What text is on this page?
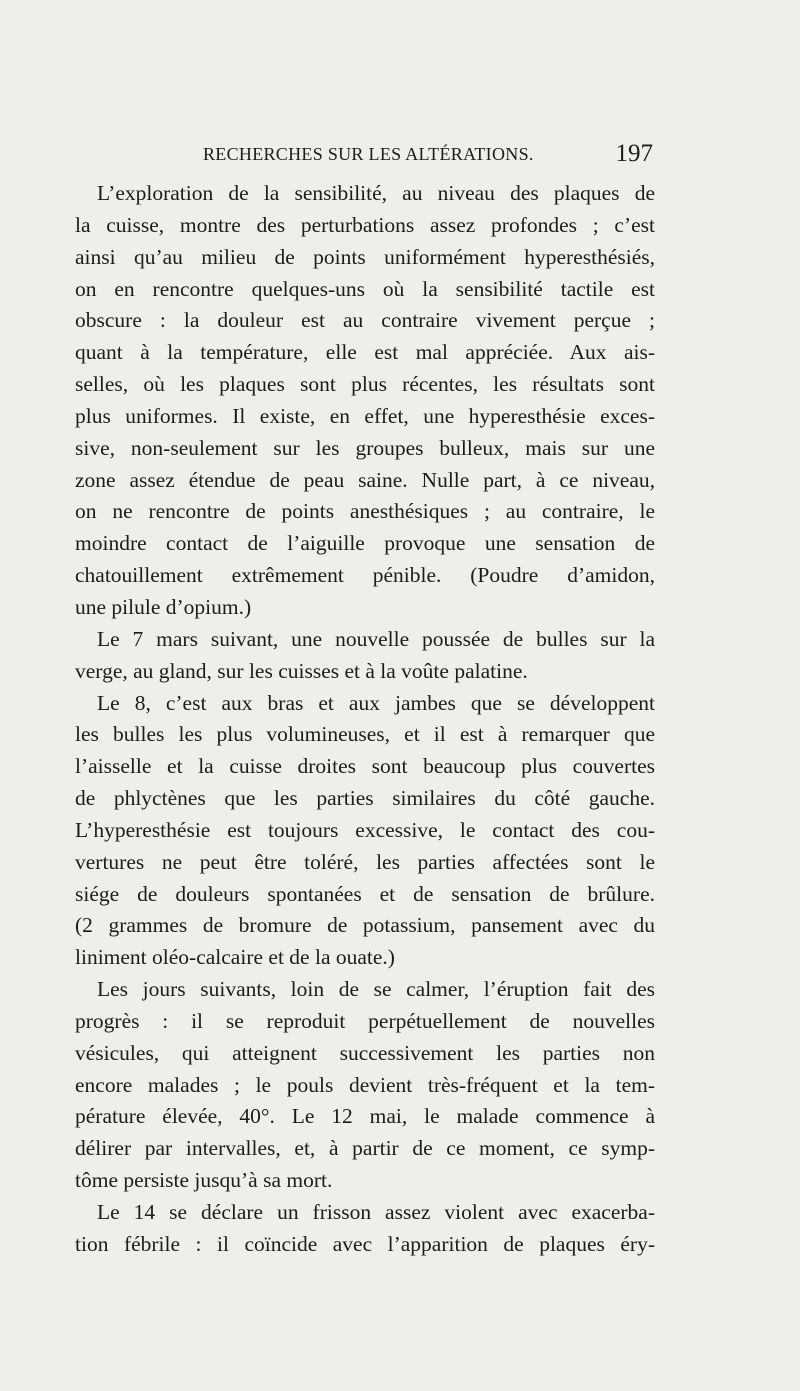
RECHERCHES SUR LES ALTÉRATIONS.	197
L’exploration de la sensibilité, au niveau des plaques de
la cuisse, montre des perturbations assez profondes ; c’est
ainsi qu’au milieu de points uniformément hyperesthésiés,
on en rencontre quelques-uns où la sensibilité tactile est
obscure : la douleur est au contraire vivement perçue ;
quant à la température, elle est mal appréciée. Aux ais-
selles, où les plaques sont plus récentes, les résultats sont
plus uniformes. Il existe, en effet, une hyperesthésie exces-
sive, non-seulement sur les groupes bulleux, mais sur une
zone assez étendue de peau saine. Nulle part, à ce niveau,
on ne rencontre de points anesthésiques ; au contraire, le
moindre contact de l’aiguille provoque une sensation de
chatouillement extrêmement pénible. (Poudre d’amidon,
une pilule d’opium.)
Le 7 mars suivant, une nouvelle poussée de bulles sur la
verge, au gland, sur les cuisses et à la voûte palatine.
Le 8, c’est aux bras et aux jambes que se développent
les bulles les plus volumineuses, et il est à remarquer que
l’aisselle et la cuisse droites sont beaucoup plus couvertes
de phlyctènes que les parties similaires du côté gauche.
L’hyperesthésie est toujours excessive, le contact des cou-
vertures ne peut être toléré, les parties affectées sont le
siége de douleurs spontanées et de sensation de brûlure.
(2 grammes de bromure de potassium, pansement avec du
liniment oléo-calcaire et de la ouate.)
Les jours suivants, loin de se calmer, l’éruption fait des
progrès : il se reproduit perpétuellement de nouvelles
vésicules, qui atteignent successivement les parties non
encore malades ; le pouls devient très-fréquent et la tem-
pérature élevée, 40°. Le 12 mai, le malade commence à
délirer par intervalles, et, à partir de ce moment, ce symp-
tôme persiste jusqu’à sa mort.
Le 14 se déclare un frisson assez violent avec exacerba-
tion fébrile : il coïncide avec l’apparition de plaques éry-
